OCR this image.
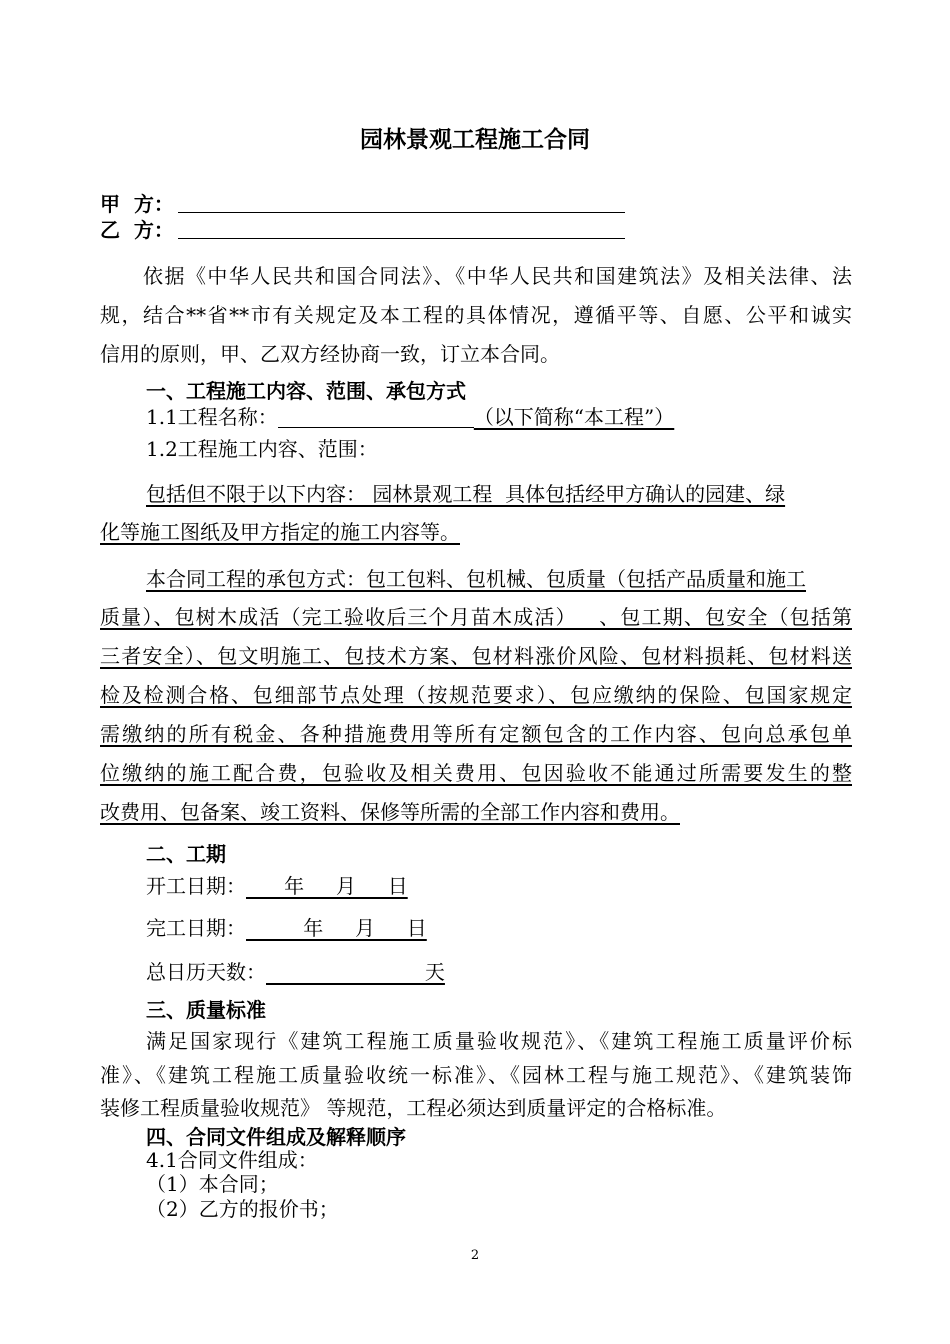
园林景观工程施工合同
甲  方：
乙  方：
　　依据《中华人民共和国合同法》、《中华人民共和国建筑法》及相关法律、法
规，结合**省**市有关规定及本工程的具体情况，遵循平等、自愿、公平和诚实
信用的原则，甲、乙双方经协商一致，订立本合同。
一、工程施工内容、范围、承包方式
1.1工程名称：	（以下简称“本工程”）
1.2工程施工内容、范围：
包括但不限于以下内容： 园林景观工程  具体包括经甲方确认的园建、绿
化等施工图纸及甲方指定的施工内容等。
本合同工程的承包方式：包工包料、包机械、包质量（包括产品质量和施工
质量）、包树木成活（完工验收后三个月苗木成活）   、包工期、包安全（包括第
三者安全）、包文明施工、包技术方案、包材料涨价风险、包材料损耗、包材料送
检及检测合格、包细部节点处理（按规范要求）、包应缴纳的保险、包国家规定
需缴纳的所有税金、各种措施费用等所有定额包含的工作内容、包向总承包单
位缴纳的施工配合费，包验收及相关费用、包因验收不能通过所需要发生的整
改费用、包备案、竣工资料、保修等所需的全部工作内容和费用。
二、工期
开工日期：      年     月     日
完工日期：         年     月     日
总日历天数：                         天
三、质量标准
满足国家现行《建筑工程施工质量验收规范》、《建筑工程施工质量评价标
准》、《建筑工程施工质量验收统一标准》、《园林工程与施工规范》、《建筑装饰
装修工程质量验收规范》 等规范，工程必须达到质量评定的合格标准。
四、合同文件组成及解释顺序
4.1合同文件组成：
（1）本合同；
（2）乙方的报价书；
2
